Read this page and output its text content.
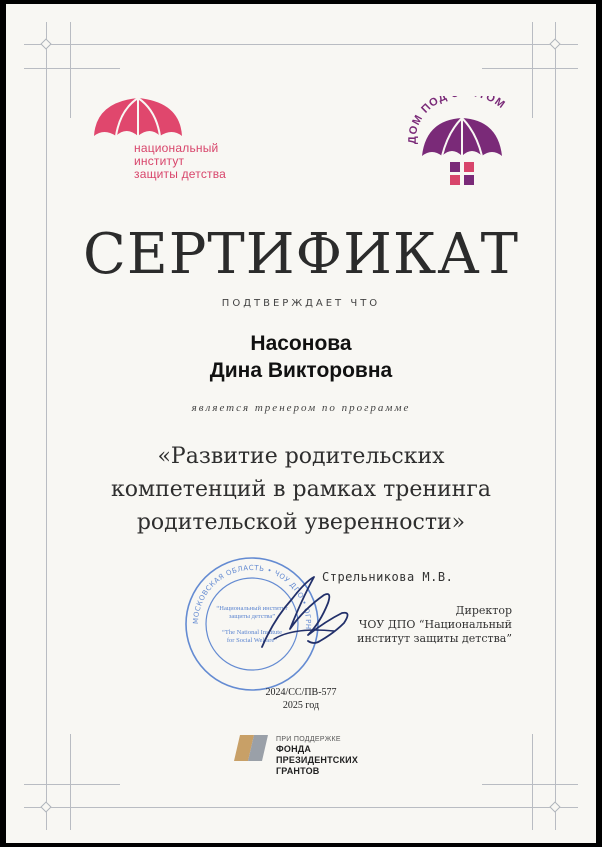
национальный
институт
защиты детства
ДОМ ПОД ОМ
СЕРТИФИКАТ
ПОДТВЕРЖДАЕТ ЧТО
Насонова
Дина Викторовна
является тренером по программе
«Развитие родительских
компетенций в рамках тренинга
родительской уверенности»
МОСКОВСКАЯ ОБЛАСТЬ • ЧОУ ДПО • ОГРН
“Национальный институт
защиты детства”
“The National Institute
for Social Welfare”
Стрельникова М.В.
Директор
ЧОУ ДПО “Национальный
институт защиты детства”
2024/СС/ПВ-577
2025 год
ПРИ ПОДДЕРЖКЕ
ФОНДА
ПРЕЗИДЕНТСКИХ
ГРАНТОВ
